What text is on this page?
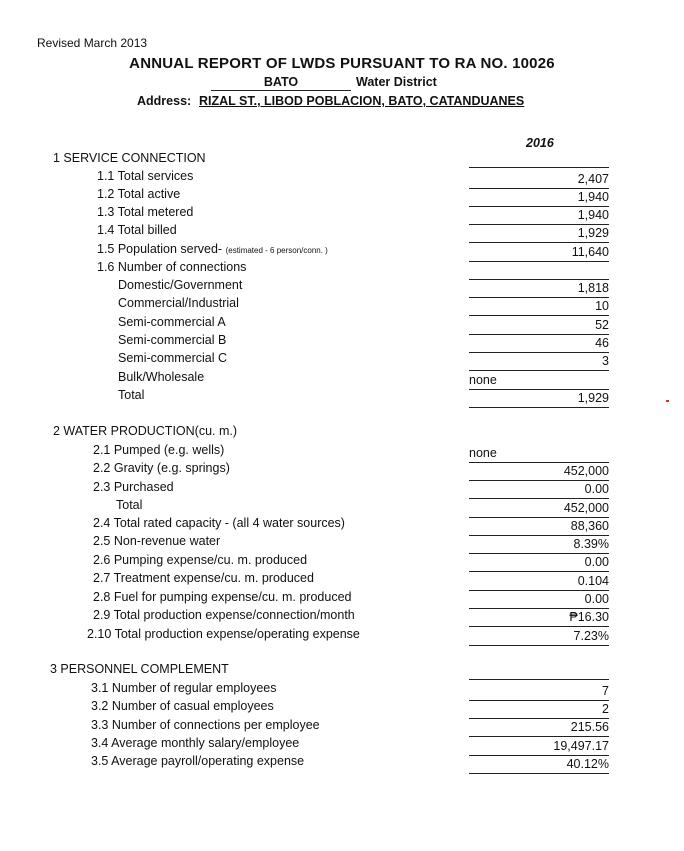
Revised March 2013
ANNUAL REPORT OF LWDS PURSUANT TO RA NO. 10026
BATO	Water District
Address: RIZAL ST., LIBOD POBLACION, BATO, CATANDUANES
2016
1 SERVICE CONNECTION
1.1 Total services	2,407
1.2 Total active	1,940
1.3 Total metered	1,940
1.4 Total billed	1,929
1.5 Population served- (estimated - 6 person/conn. )	11,640
1.6 Number of connections
Domestic/Government	1,818
Commercial/Industrial	10
Semi-commercial A	52
Semi-commercial B	46
Semi-commercial C	3
Bulk/Wholesale	none
Total	1,929
2 WATER PRODUCTION(cu. m.)
2.1 Pumped (e.g. wells)	none
2.2 Gravity (e.g. springs)	452,000
2.3 Purchased	0.00
Total	452,000
2.4 Total rated capacity - (all 4 water sources)	88,360
2.5 Non-revenue water	8.39%
2.6 Pumping expense/cu. m. produced	0.00
2.7 Treatment expense/cu. m. produced	0.104
2.8 Fuel for pumping expense/cu. m. produced	0.00
2.9 Total production expense/connection/month	₱16.30
2.10 Total production expense/operating expense	7.23%
3 PERSONNEL COMPLEMENT
3.1 Number of regular employees	7
3.2 Number of casual employees	2
3.3 Number of connections per employee	215.56
3.4 Average monthly salary/employee	19,497.17
3.5 Average payroll/operating expense	40.12%
